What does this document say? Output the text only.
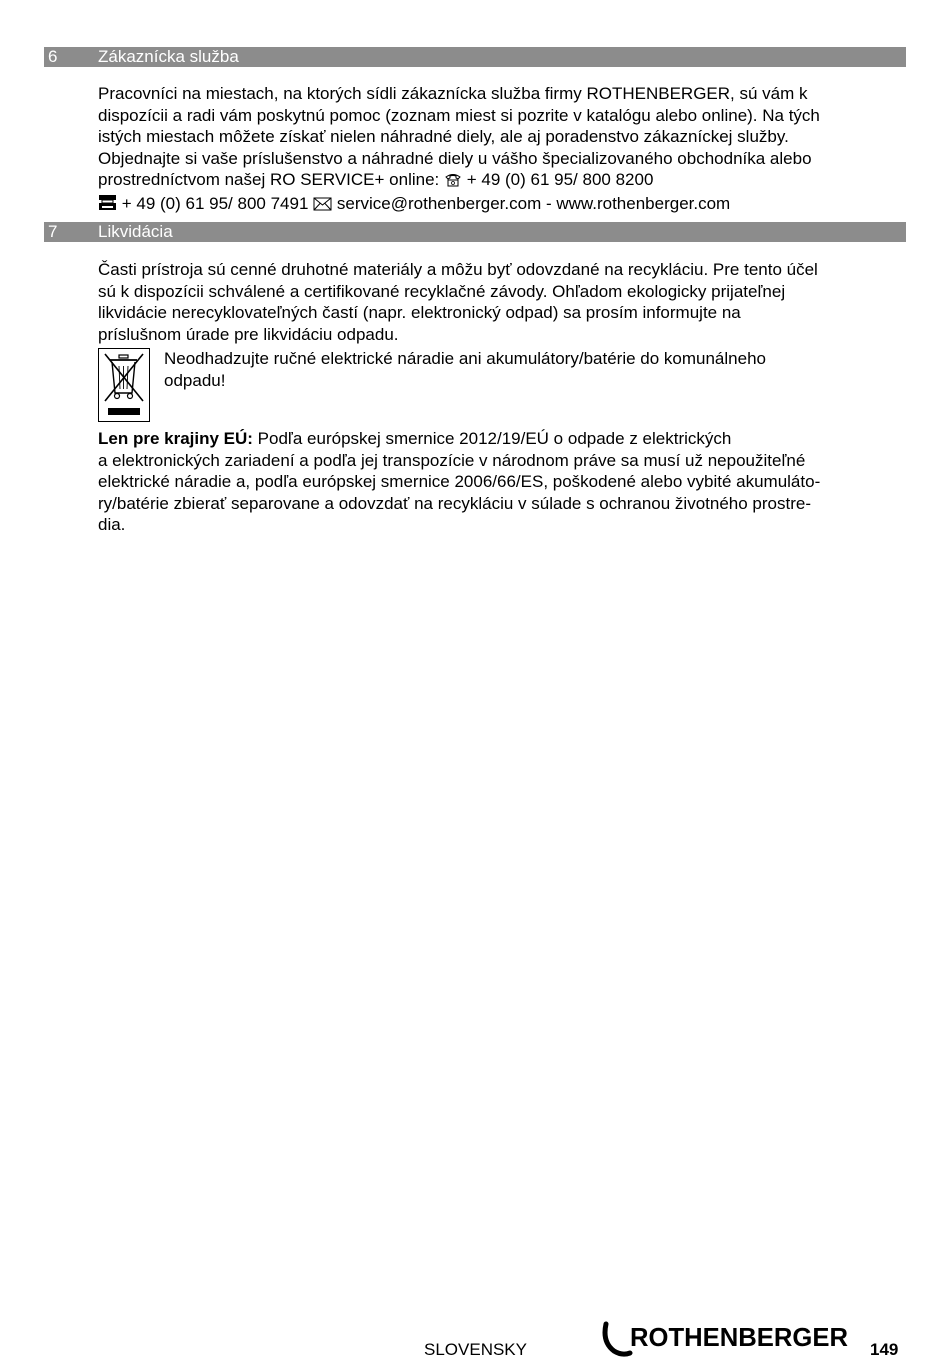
6 Zákaznícka služba
Pracovníci na miestach, na ktorých sídli zákaznícka služba firmy ROTHENBERGER, sú vám k
dispozícii a radi vám poskytnú pomoc (zoznam miest si pozrite v katalógu alebo online). Na tých
istých miestach môžete získať nielen náhradné diely, ale aj poradenstvo zákazníckej služby.
Objednajte si vaše príslušenstvo a náhradné diely u vášho špecializovaného obchodníka alebo
prostredníctvom našej RO SERVICE+ online: + 49 (0) 61 95/ 800 8200
+ 49 (0) 61 95/ 800 7491 service@rothenberger.com - www.rothenberger.com
7 Likvidácia
Časti prístroja sú cenné druhotné materiály a môžu byť odovzdané na recykláciu. Pre tento účel
sú k dispozícii schválené a certifikované recyklačné závody. Ohľadom ekologicky prijateľnej
likvidácie nerecyklovateľných častí (napr. elektronický odpad) sa prosím informujte na
príslušnom úrade pre likvidáciu odpadu.
Neodhadzujte ručné elektrické náradie ani akumulátory/batérie do komunálneho
odpadu!
Len pre krajiny EÚ: Podľa európskej smernice 2012/19/EÚ o odpade z elektrických
a elektronických zariadení a podľa jej transpozície v národnom práve sa musí už nepoužiteľné
elektrické náradie a, podľa európskej smernice 2006/66/ES, poškodené alebo vybité akumuláto-
ry/batérie zbierať separovane a odovzdať na recykláciu v súlade s ochranou životného prostre-
dia.
SLOVENSKY	ROTHENBERGER 149
